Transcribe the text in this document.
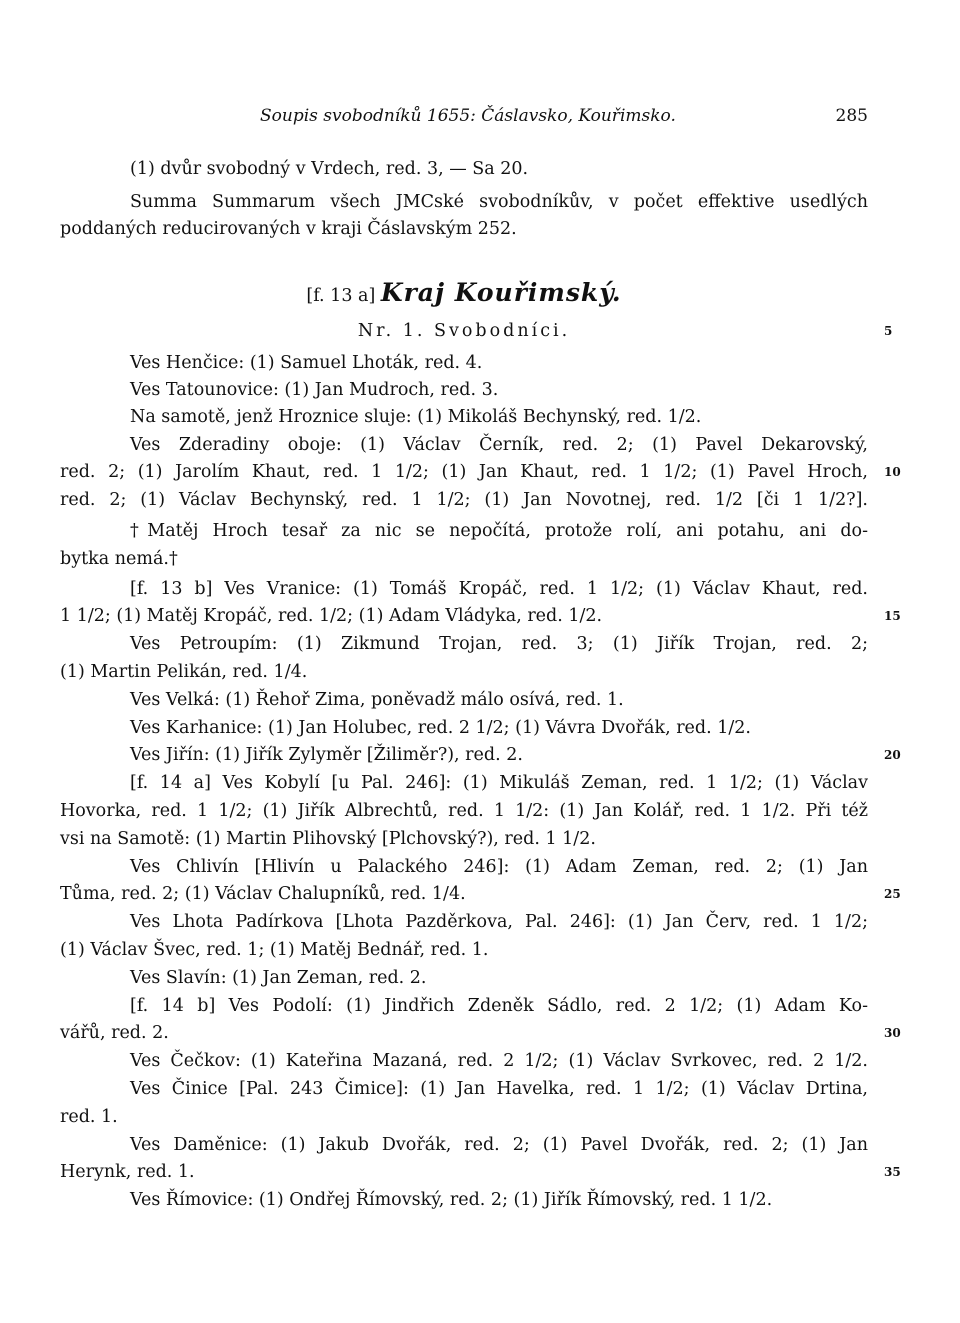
Soupis svobodníků 1655: Čáslavsko, Kouřimsko.	285
(1) dvůr svobodný v Vrdech, red. 3, — Sa 20.
Summa Summarum všech JMCské svobodníkův, v počet effektive usedlých
poddaných reducirovaných v kraji Čáslavským 252.
[f. 13 a] Kraj Kouřimský.
Nr. 1. Svobodníci.	5
Ves Henčice: (1) Samuel Lhoták, red. 4.
Ves Tatounovice: (1) Jan Mudroch, red. 3.
Na samotě, jenž Hroznice sluje: (1) Mikoláš Bechynský, red. 1/2.
Ves Zderadiny oboje: (1) Václav Černík, red. 2; (1) Pavel Dekarovský,
red. 2; (1) Jarolím Khaut, red. 1 1/2; (1) Jan Khaut, red. 1 1/2; (1) Pavel Hroch, 10
red. 2; (1) Václav Bechynský, red. 1 1/2; (1) Jan Novotnej, red. 1/2 [či 1 1/2?].
†Matěj Hroch tesař za nic se nepočítá, protože rolí, ani potahu, ani do-
bytka nemá.†
[f. 13 b] Ves Vranice: (1) Tomáš Kropáč, red. 1 1/2; (1) Václav Khaut, red.
1 1/2; (1) Matěj Kropáč, red. 1/2; (1) Adam Vládyka, red. 1/2.	15
Ves Petroupím: (1) Zikmund Trojan, red. 3; (1) Jiřík Trojan, red. 2;
(1) Martin Pelikán, red. 1/4.
Ves Velká: (1) Řehoř Zima, poněvadž málo osívá, red. 1.
Ves Karhanice: (1) Jan Holubec, red. 2 1/2; (1) Vávra Dvořák, red. 1/2.
Ves Jiřín: (1) Jiřík Zylyměr [Žiliměr?), red. 2.	20
[f. 14 a] Ves Kobylí [u Pal. 246]: (1) Mikuláš Zeman, red. 1 1/2; (1) Václav
Hovorka, red. 1 1/2; (1) Jiřík Albrechtů, red. 1 1/2: (1) Jan Kolář, red. 1 1/2. Při též
vsi na Samotě: (1) Martin Plihovský [Plchovský?), red. 1 1/2.
Ves Chlivín [Hlivín u Palackého 246]: (1) Adam Zeman, red. 2; (1) Jan
Tůma, red. 2; (1) Václav Chalupníků, red. 1/4.	25
Ves Lhota Padírkova [Lhota Pazděrkova, Pal. 246]: (1) Jan Červ, red. 1 1/2;
(1) Václav Švec, red. 1; (1) Matěj Bednář, red. 1.
Ves Slavín: (1) Jan Zeman, red. 2.
[f. 14 b] Ves Podolí: (1) Jindřich Zdeněk Sádlo, red. 2 1/2; (1) Adam Ko-
vářů, red. 2.	30
Ves Čečkov: (1) Kateřina Mazaná, red. 2 1/2; (1) Václav Svrkovec, red. 2 1/2.
Ves Činice [Pal. 243 Čimice]: (1) Jan Havelka, red. 1 1/2; (1) Václav Drtina,
red. 1.
Ves Daměnice: (1) Jakub Dvořák, red. 2; (1) Pavel Dvořák, red. 2; (1) Jan
Herynk, red. 1.	35
Ves Římovice: (1) Ondřej Římovský, red. 2; (1) Jiřík Římovský, red. 1 1/2.
